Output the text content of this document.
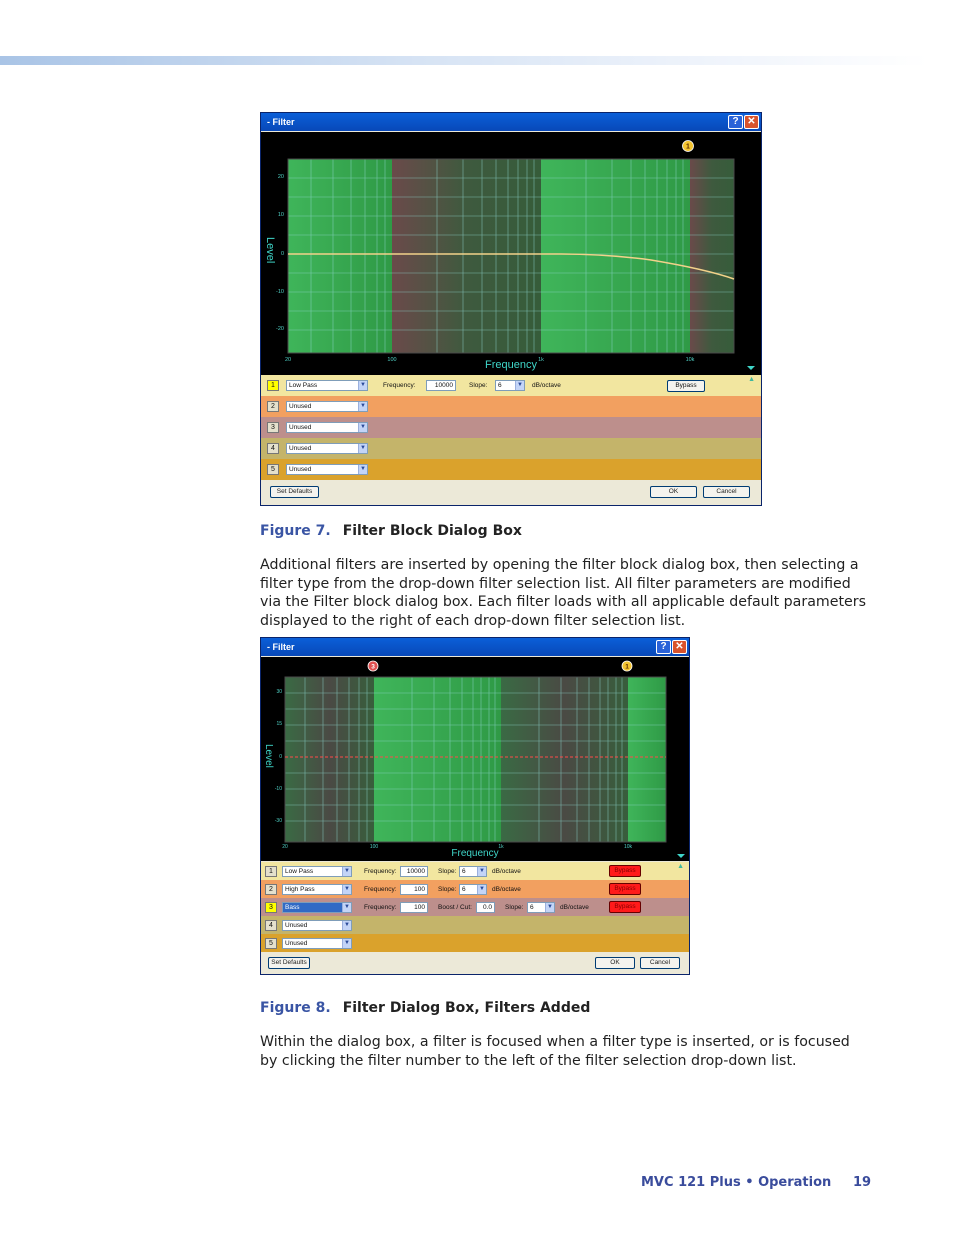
- Filter	? ✕
20
10
0
-10
-20
20	100	1k	10k
Level
Frequency
1
1	Low Pass	▼	Frequency:	10000	Slope:	6	▼ dB/octave	Bypass
▲
2	Unused	▼
3	Unused	▼
4	Unused	▼
5	Unused	▼
Set Defaults	OK	Cancel
Figure 7. Filter Block Dialog Box
Additional filters are inserted by opening the filter block dialog box, then selecting a filter type from the drop-down filter selection list. All filter parameters are modified via the Filter block dialog box. Each filter loads with all applicable default parameters displayed to the right of each drop-down filter selection list.
- Filter	? ✕
30
15
0
-10
-30
20	100	1k	10k
Level
Frequency
3	1
1	Low Pass	▼ Frequency:	10000	Slope: 6	▼ dB/octave	Bypass
▲
2	High Pass	▼ Frequency:	100	Slope: 6	▼ dB/octave	Bypass
3	Bass	▼ Frequency:	100	Boost / Cut:	0.0	Slope:	6	▼ dB/octave	Bypass
4	Unused	▼
5	Unused	▼
Set Defaults	OK	Cancel
Figure 8. Filter Dialog Box, Filters Added
Within the dialog box, a filter is focused when a filter type is inserted, or is focused by clicking the filter number to the left of the filter selection drop-down list.
MVC 121 Plus • Operation 19
